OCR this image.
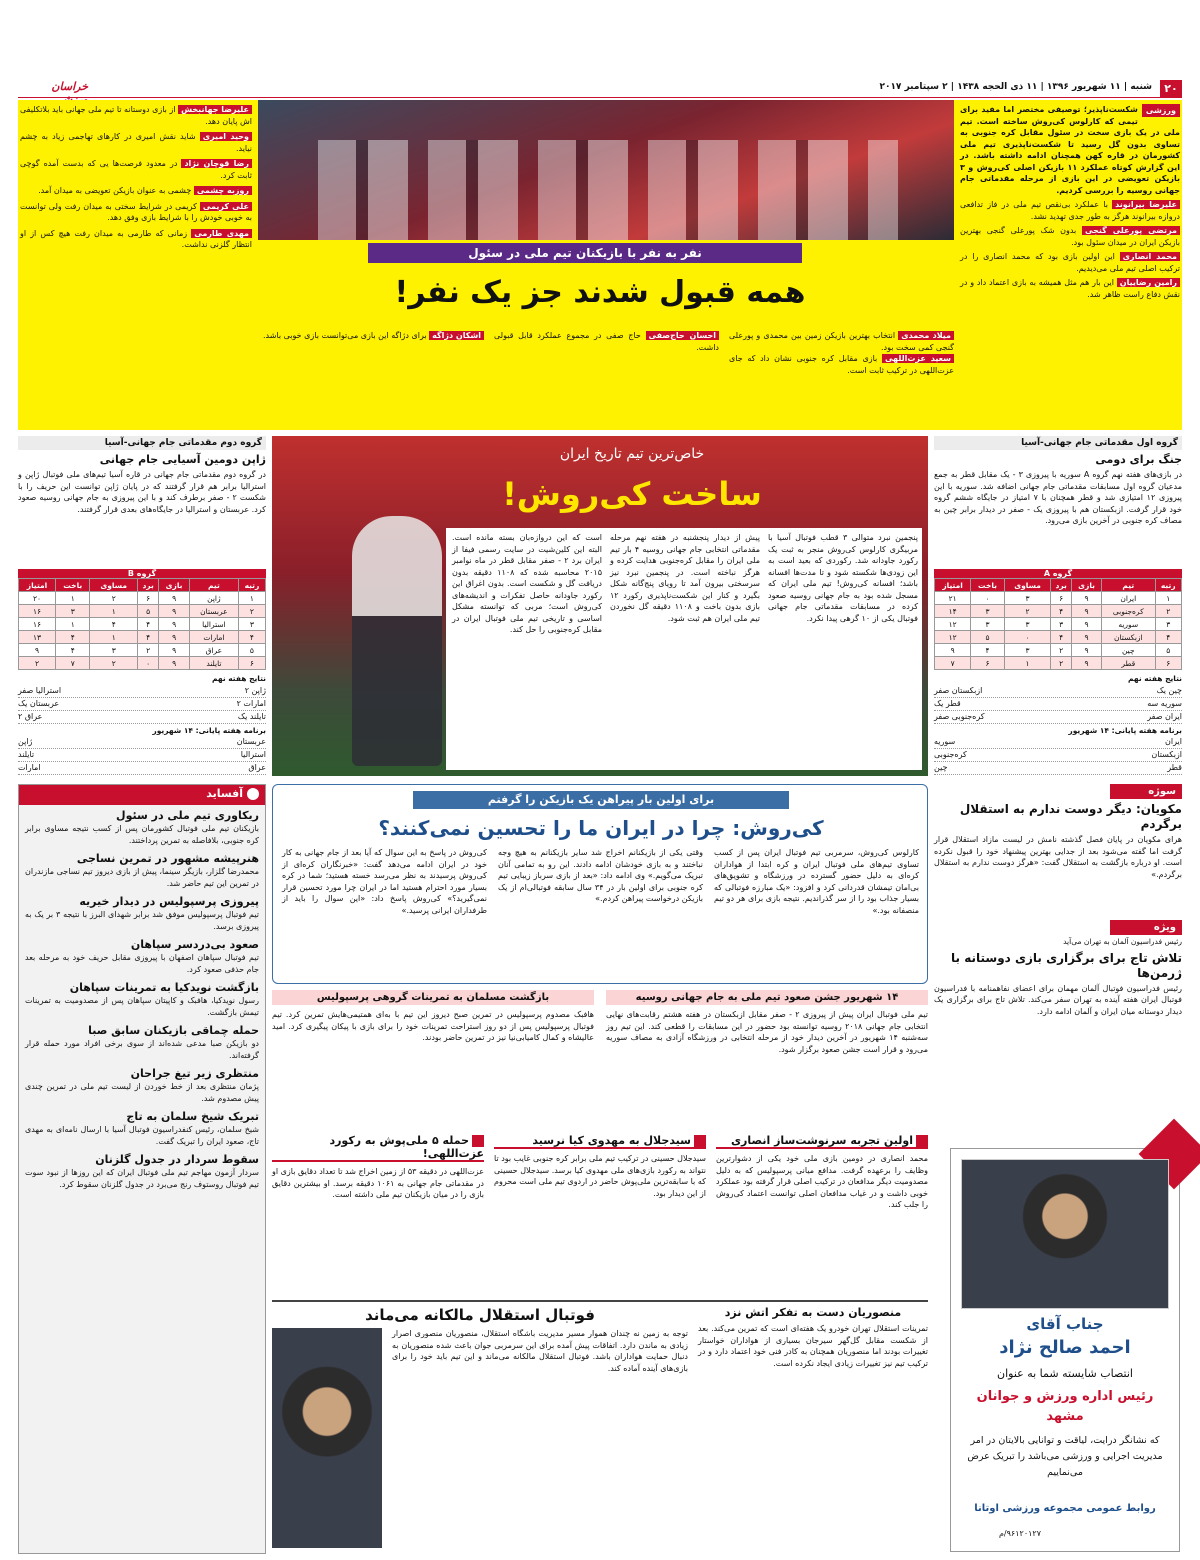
۲۰
شنبه | ۱۱ شهریور ۱۳۹۶ | ۱۱ ذی الحجه ۱۴۳۸ | ۲ سپتامبر ۲۰۱۷
خراسان
ورزشی
شکست‌ناپذیر؛ توصیفی مختصر اما مفید برای تیمی که کارلوس کی‌روش ساخته است. تیم ملی در یک بازی سخت در سئول مقابل کره جنوبی به تساوی بدون گل رسید تا شکست‌ناپذیری تیم ملی کشورمان در قاره کهن همچنان ادامه داشته باشد. در این گزارش کوتاه عملکرد ۱۱ بازیکن اصلی کی‌روش و ۳ بازیکن تعویضی در این بازی از مرحله مقدماتی جام جهانی روسیه را بررسی کردیم.
علیرضا بیرانوند با عملکرد بی‌نقص تیم ملی در فاز تدافعی دروازه بیرانوند هرگز به طور جدی تهدید نشد.
مرتضی پورعلی گنجی بدون شک پورعلی گنجی بهترین بازیکن ایران در میدان سئول بود.
محمد انصاری این اولین بازی بود که محمد انصاری را در ترکیب اصلی تیم ملی می‌دیدیم.
رامین رضاییان این بار هم مثل همیشه به بازی اعتماد داد و در نقش دفاع راست ظاهر شد.
نفر به نفر با بازیکنان تیم ملی در سئول
همه قبول شدند جز یک نفر!
میلاد محمدی انتخاب بهترین بازیکن زمین بین محمدی و پورعلی گنجی کمی سخت بود.
سعید عزت‌اللهی بازی مقابل کره جنوبی نشان داد که جای عزت‌اللهی در ترکیب ثابت است.
احسان حاج‌صفی حاج صفی در مجموع عملکرد قابل قبولی داشت.
اشکان دژاگه برای دژاگه این بازی می‌توانست بازی خوبی باشد.
علیرضا جهانبخش از بازی دوستانه تا تیم ملی جهانی باید بلاتکلیفی اش پایان دهد.
وحید امیری شاید نقش امیری در کارهای تهاجمی زیاد به چشم نیاید.
رضا قوچان نژاد در معدود فرصت‌ها یی که بدست آمده گوچی ثابت کرد.
روزبه چشمی چشمی به عنوان بازیکن تعویضی به میدان آمد.
علی کریمی کریمی در شرایط سختی به میدان رفت ولی توانست به خوبی خودش را با شرایط بازی وفق دهد.
مهدی طارمی زمانی که طارمی به میدان رفت هیچ کس از او انتظار گلزنی نداشت.
گروه اول مقدماتی جام جهانی-آسیا
جنگ برای دومی
در بازی‌های هفته نهم گروه A سوریه با پیروزی ۳ - یک مقابل قطر به جمع مدعیان گروه اول مسابقات مقدماتی جام جهانی اضافه شد. سوریه با این پیروزی ۱۲ امتیازی شد و قطر همچنان با ۷ امتیاز در جایگاه ششم گروه خود قرار گرفت. ازبکستان هم با پیروزی یک - صفر در دیدار برابر چین به مصاف کره جنوبی در آخرین بازی می‌رود.
گروه A
رتبه	تیم	بازی	برد	مساوی	باخت	امتیاز
۱	ایران	۹	۶	۳	۰	۲۱
۲	کره‌جنوبی	۹	۴	۲	۳	۱۴
۳	سوریه	۹	۳	۳	۳	۱۲
۴	ازبکستان	۹	۴	۰	۵	۱۲
۵	چین	۹	۲	۳	۴	۹
۶	قطر	۹	۲	۱	۶	۷
نتایج هفته نهم
چین یک
ازبکستان صفر
سوریه سه
قطر یک
ایران صفر
کره‌جنوبی صفر
برنامه هفته پایانی: ۱۴ شهریور
ایران
سوریه
ازبکستان
کره‌جنوبی
قطر
چین
گروه دوم مقدماتی جام جهانی-آسیا
ژاپن دومین آسیایی جام جهانی
در گروه دوم مقدماتی جام جهانی در قاره آسیا تیم‌های ملی فوتبال ژاپن و استرالیا برابر هم قرار گرفتند که در پایان ژاپن توانست این حریف را با شکست ۲ - صفر برطرف کند و با این پیروزی به جام جهانی روسیه صعود کرد. عربستان و استرالیا در جایگاه‌های بعدی قرار گرفتند.
گروه B
رتبه	تیم	بازی	برد	مساوی	باخت	امتیاز
۱	ژاپن	۹	۶	۲	۱	۲۰
۲	عربستان	۹	۵	۱	۳	۱۶
۳	استرالیا	۹	۴	۴	۱	۱۶
۴	امارات	۹	۴	۱	۴	۱۳
۵	عراق	۹	۲	۳	۴	۹
۶	تایلند	۹	۰	۲	۷	۲
نتایج هفته نهم
ژاپن ۲
استرالیا صفر
امارات ۲
عربستان یک
تایلند یک
عراق ۲
برنامه هفته پایانی: ۱۴ شهریور
عربستان
ژاپن
استرالیا
تایلند
عراق
امارات
خاص‌ترین تیم تاریخ ایران
ساخت کی‌روش!
پنجمین نبرد متوالی ۳ قطب فوتبال آسیا با مربیگری کارلوس کی‌روش منجر به ثبت یک رکورد جاودانه شد. رکوردی که بعید است به این زودی‌ها شکسته شود و تا مدت‌ها افسانه باشد؛ افسانه کی‌روش! تیم ملی ایران که مسجل شده بود به جام جهانی روسیه صعود کرده در مسابقات مقدماتی جام جهانی فوتبال یکی از ۱۰ گرهی پیدا نکرد.
پیش از دیدار پنجشنبه در هفته نهم مرحله مقدماتی انتخابی جام جهانی روسیه ۴ بار تیم ملی ایران را مقابل کره‌جنوبی هدایت کرده و هرگز نباخته است. در پنجمین نبرد نیز سرسختی بیرون آمد تا رویای پنج‌گانه شکل بگیرد و کنار این شکست‌ناپذیری رکورد ۱۲ بازی بدون باخت و ۱۱۰۸ دقیقه گل نخوردن تیم ملی ایران هم ثبت شود.
است که این دروازه‌بان بسته مانده است. البته این کلین‌شیت در سایت رسمی فیفا از ایران برد ۲ - صفر مقابل قطر در ماه نوامبر ۲۰۱۵ محاسبه شده که ۱۱۰۸ دقیقه بدون دریافت گل و شکست است. بدون اغراق این رکورد جاودانه حاصل تفکرات و اندیشه‌های کی‌روش است؛ مربی که توانسته مشکل اساسی و تاریخی تیم ملی فوتبال ایران در مقابل کره‌جنوبی را حل کند.
آفساید
ریکاوری تیم ملی در سئول
بازیکنان تیم ملی فوتبال کشورمان پس از کسب نتیجه مساوی برابر کره جنوبی، بلافاصله به تمرین پرداختند.
هنرپیشه مشهور در تمرین نساجی
محمدرضا گلزار، بازیگر سینما، پیش از بازی دیروز تیم نساجی مازندران در تمرین این تیم حاضر شد.
پیروزی پرسپولیس در دیدار خیریه
تیم فوتبال پرسپولیس موفق شد برابر شهدای البرز با نتیجه ۳ بر یک به پیروزی برسد.
صعود بی‌دردسر سپاهان
تیم فوتبال سپاهان اصفهان با پیروزی مقابل حریف خود به مرحله بعد جام حذفی صعود کرد.
بازگشت نویدکیا به تمرینات سپاهان
رسول نویدکیا، هافبک و کاپیتان سپاهان پس از مصدومیت به تمرینات تیمش بازگشت.
حمله چماقی بازیکنان سابق صبا
دو بازیکن صبا مدعی شده‌اند از سوی برخی افراد مورد حمله قرار گرفته‌اند.
منتظری زیر تیغ جراحان
پژمان منتظری بعد از خط خوردن از لیست تیم ملی در تمرین چندی پیش مصدوم شد.
تبریک شیخ سلمان به تاج
شیخ سلمان، رئیس کنفدراسیون فوتبال آسیا با ارسال نامه‌ای به مهدی تاج، صعود ایران را تبریک گفت.
سقوط سردار در جدول گلزنان
سردار آزمون مهاجم تیم ملی فوتبال ایران که این روزها از نبود سوت تیم فوتبال روستوف رنج می‌برد در جدول گلزنان سقوط کرد.
سوژه
مکویان: دیگر دوست ندارم به استقلال برگردم
هرای مکویان در پایان فصل گذشته نامش در لیست مازاد استقلال قرار گرفت اما گفته می‌شود بعد از جدایی بهترین پیشنهاد خود را قبول نکرده است. او درباره بازگشت به استقلال گفت: «هرگز دوست ندارم به استقلال برگردم.»
ویژه
رئیس فدراسیون آلمان به تهران می‌آید
تلاش تاج برای برگزاری بازی دوستانه با ژرمن‌ها
رئیس فدراسیون فوتبال آلمان مهمان برای اعضای نفاهمنامه با فدراسیون فوتبال ایران هفته آینده به تهران سفر می‌کند. تلاش تاج برای برگزاری یک دیدار دوستانه میان ایران و آلمان ادامه دارد.
برای اولین بار پیراهن یک بازیکن را گرفتم
کی‌روش: چرا در ایران ما را تحسین نمی‌کنند؟
کارلوس کی‌روش، سرمربی تیم فوتبال ایران پس از کسب تساوی تیم‌های ملی فوتبال ایران و کره ابتدا از هواداران کره‌ای به دلیل حضور گسترده در ورزشگاه و تشویق‌های بی‌امان تیمشان قدردانی کرد و افزود: «یک مبارزه فوتبالی که بسیار جذاب بود را از سر گذراندیم. نتیجه بازی برای هر دو تیم منصفانه بود.»
وقتی یکی از بازیکنانم اخراج شد سایر بازیکنانم به هیچ وجه نباختند و به بازی خودشان ادامه دادند. این رو به تمامی آنان تبریک می‌گویم.» وی ادامه داد: «بعد از بازی سرباز زیبایی تیم کره جنوبی برای اولین بار در ۳۴ سال سابقه فوتبالی‌ام از یک بازیکن درخواست پیراهن کردم.»
کی‌روش در پاسخ به این سوال که آیا بعد از جام جهانی به کار خود در ایران ادامه می‌دهد گفت: «خبرنگاران کره‌ای از کی‌روش پرسیدند به نظر می‌رسد خسته هستید؛ شما در کره بسیار مورد احترام هستید اما در ایران چرا مورد تحسین قرار نمی‌گیرید؟» کی‌روش پاسخ داد: «این سوال را باید از طرفداران ایرانی پرسید.»
۱۴ شهریور جشن صعود تیم ملی به جام جهانی روسیه
تیم ملی فوتبال ایران پیش از پیروزی ۲ - صفر مقابل ازبکستان در هفته هشتم رقابت‌های نهایی انتخابی جام جهانی ۲۰۱۸ روسیه توانسته بود حضور در این مسابقات را قطعی کند. این تیم روز سه‌شنبه ۱۴ شهریور در آخرین دیدار خود از مرحله انتخابی در ورزشگاه آزادی به مصاف سوریه می‌رود و قرار است جشن صعود برگزار شود.
بازگشت مسلمان به تمرینات گروهی پرسپولیس
هافبک مصدوم پرسپولیس در تمرین صبح دیروز این تیم با به‌ای همتیمی‌هایش تمرین کرد. تیم فوتبال پرسپولیس پس از دو روز استراحت تمرینات خود را برای بازی با پیکان پیگیری کرد. امید عالیشاه و کمال کامیابی‌نیا نیز در تمرین حاضر بودند.
اولین تجربه سرنوشت‌ساز انصاری
محمد انصاری در دومین بازی ملی خود یکی از دشوارترین وظایف را برعهده گرفت. مدافع میانی پرسپولیس که به دلیل مصدومیت دیگر مدافعان در ترکیب اصلی قرار گرفته بود عملکرد خوبی داشت و در غیاب مدافعان اصلی توانست اعتماد کی‌روش را جلب کند.
سیدجلال به مهدوی کیا نرسید
سیدجلال حسینی در ترکیب تیم ملی برابر کره جنوبی غایب بود تا نتواند به رکورد بازی‌های ملی مهدوی کیا برسد. سیدجلال حسینی که با سابقه‌ترین ملی‌پوش حاضر در اردوی تیم ملی است محروم از این دیدار بود.
حمله ۵ ملی‌پوش به رکورد عزت‌اللهی!
عزت‌اللهی در دقیقه ۵۳ از زمین اخراج شد تا تعداد دقایق بازی او در مقدماتی جام جهانی به ۱۰۶۱ دقیقه برسد. او بیشترین دقایق بازی را در میان بازیکنان تیم ملی داشته است.
منصوریان دست به تفکر اتش نزد
تمرینات استقلال تهران خودرو یک هفته‌ای است که تمرین می‌کند. بعد از شکست مقابل گل‌گهر سیرجان بسیاری از هواداران خواستار تغییرات بودند اما منصوریان همچنان به کادر فنی خود اعتماد دارد و در ترکیب تیم نیز تغییرات زیادی ایجاد نکرده است.
فوتبال استقلال مالکانه می‌ماند
توجه به زمین نه چندان هموار مسیر مدیریت باشگاه استقلال، منصوریان منصوری اصرار زیادی به ماندن دارد. اتفاقات پیش آمده برای این سرمربی جوان باعث شده منصوریان به دنبال حمایت هواداران باشد. فوتبال استقلال مالکانه می‌ماند و این تیم باید خود را برای بازی‌های آینده آماده کند.
جناب آقای
احمد صالح نژاد
انتصاب شایسته شما به عنوان
رئیس اداره ورزش و جوانان مشهد
که نشانگر درایت، لیاقت و توانایی بالایتان در امر مدیریت اجرایی و ورزشی می‌باشد را تبریک عرض می‌نماییم
روابط عمومی مجموعه ورزشی اوتانا
۹۶۱۲۰۱۲۷/م
